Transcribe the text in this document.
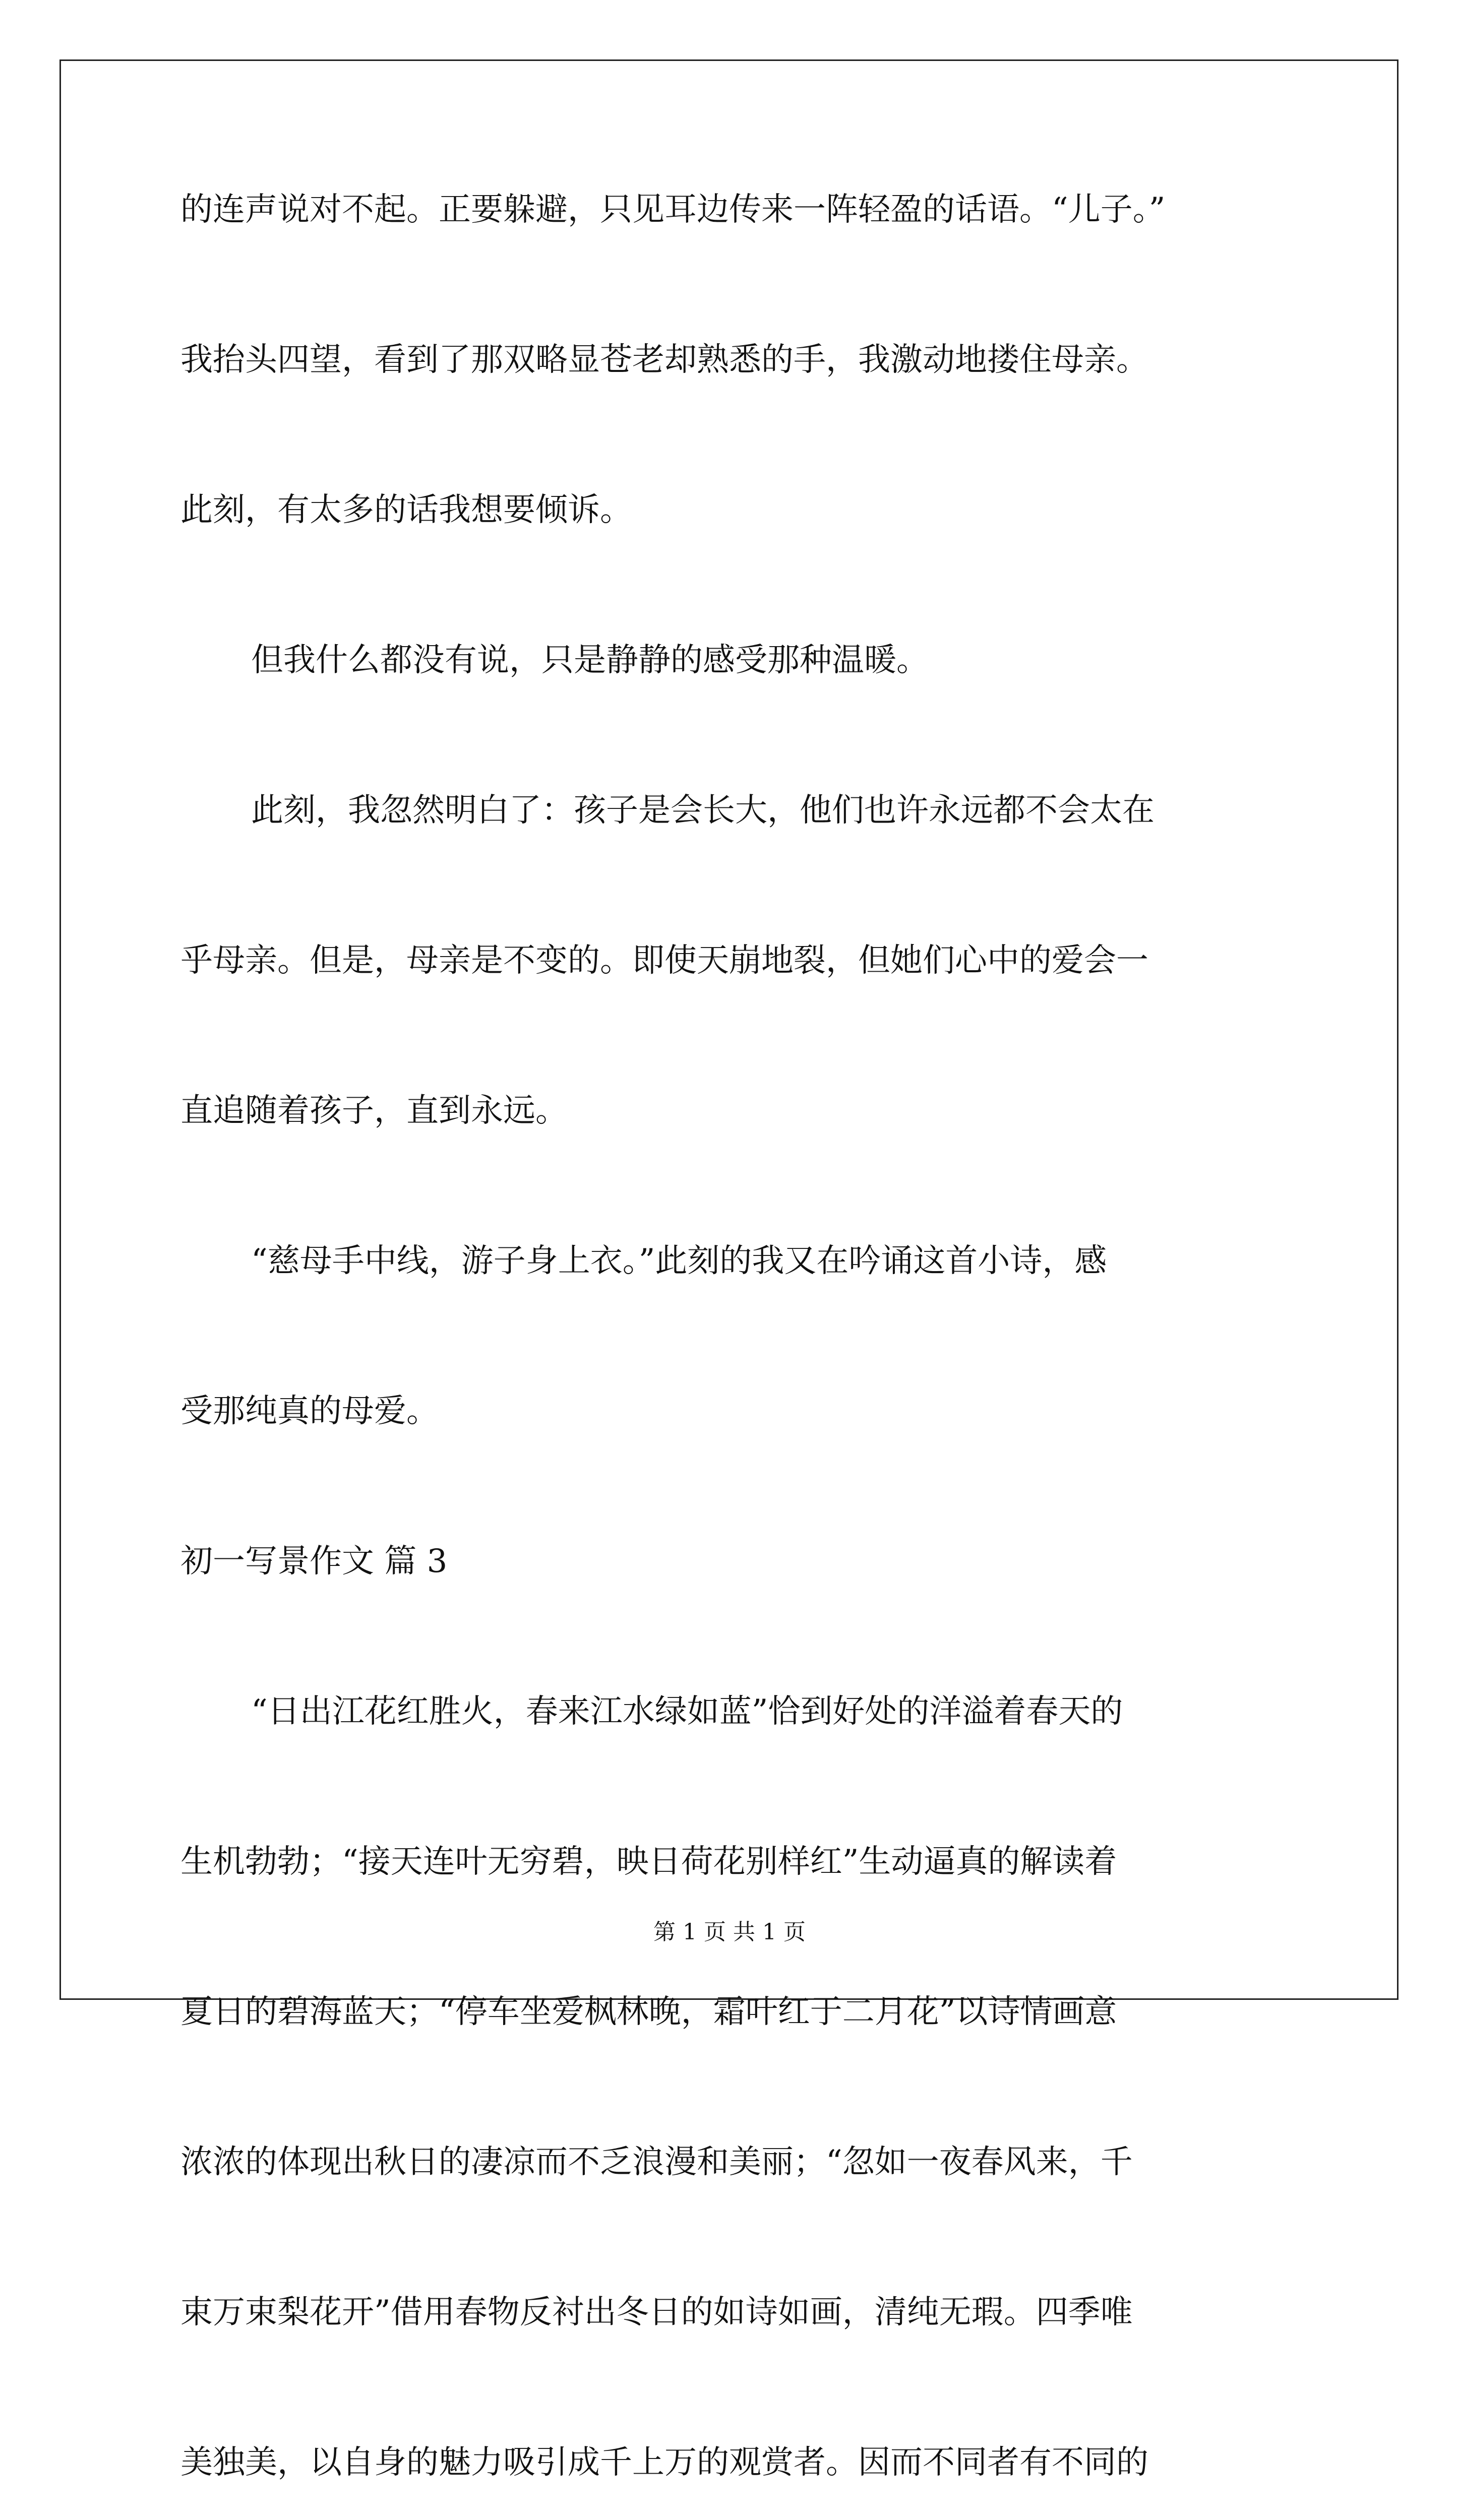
的连声说对不起。正要躲避，只见耳边传来一阵轻盈的话语。“儿子。”

我抬头四望，看到了那双略显苍老却熟悉的手，我激动地搂住母亲。

此刻，有太多的话我想要倾诉。

但我什么都没有说，只是静静的感受那种温暖。

此刻，我忽然明白了：孩子是会长大，他们也许永远都不会太在

乎母亲。但是，母亲是不变的。即使天崩地裂，但她们心中的爱会一

直追随着孩子，直到永远。

“慈母手中线，游子身上衣。”此刻的我又在吟诵这首小诗，感

受那纯真的母爱。

初一写景作文 篇 3

“日出江花红胜火，春来江水绿如蓝”恰到好处的洋溢着春天的

生机勃勃；“接天连叶无穷碧，映日荷花别样红”生动逼真的解读着

夏日的碧海蓝天；“停车坐爱枫林晚，霜叶红于二月花”以诗情画意

浓浓的体现出秋日的凄凉而不乏浪漫和美丽；“忽如一夜春风来，千

束万束梨花开”借用春物反衬出冬日的如诗如画，清纯无瑕。四季唯

美独美，以自身的魅力吸引成千上万的观赏者。因而不同者有不同的

第 1 页 共 1 页
